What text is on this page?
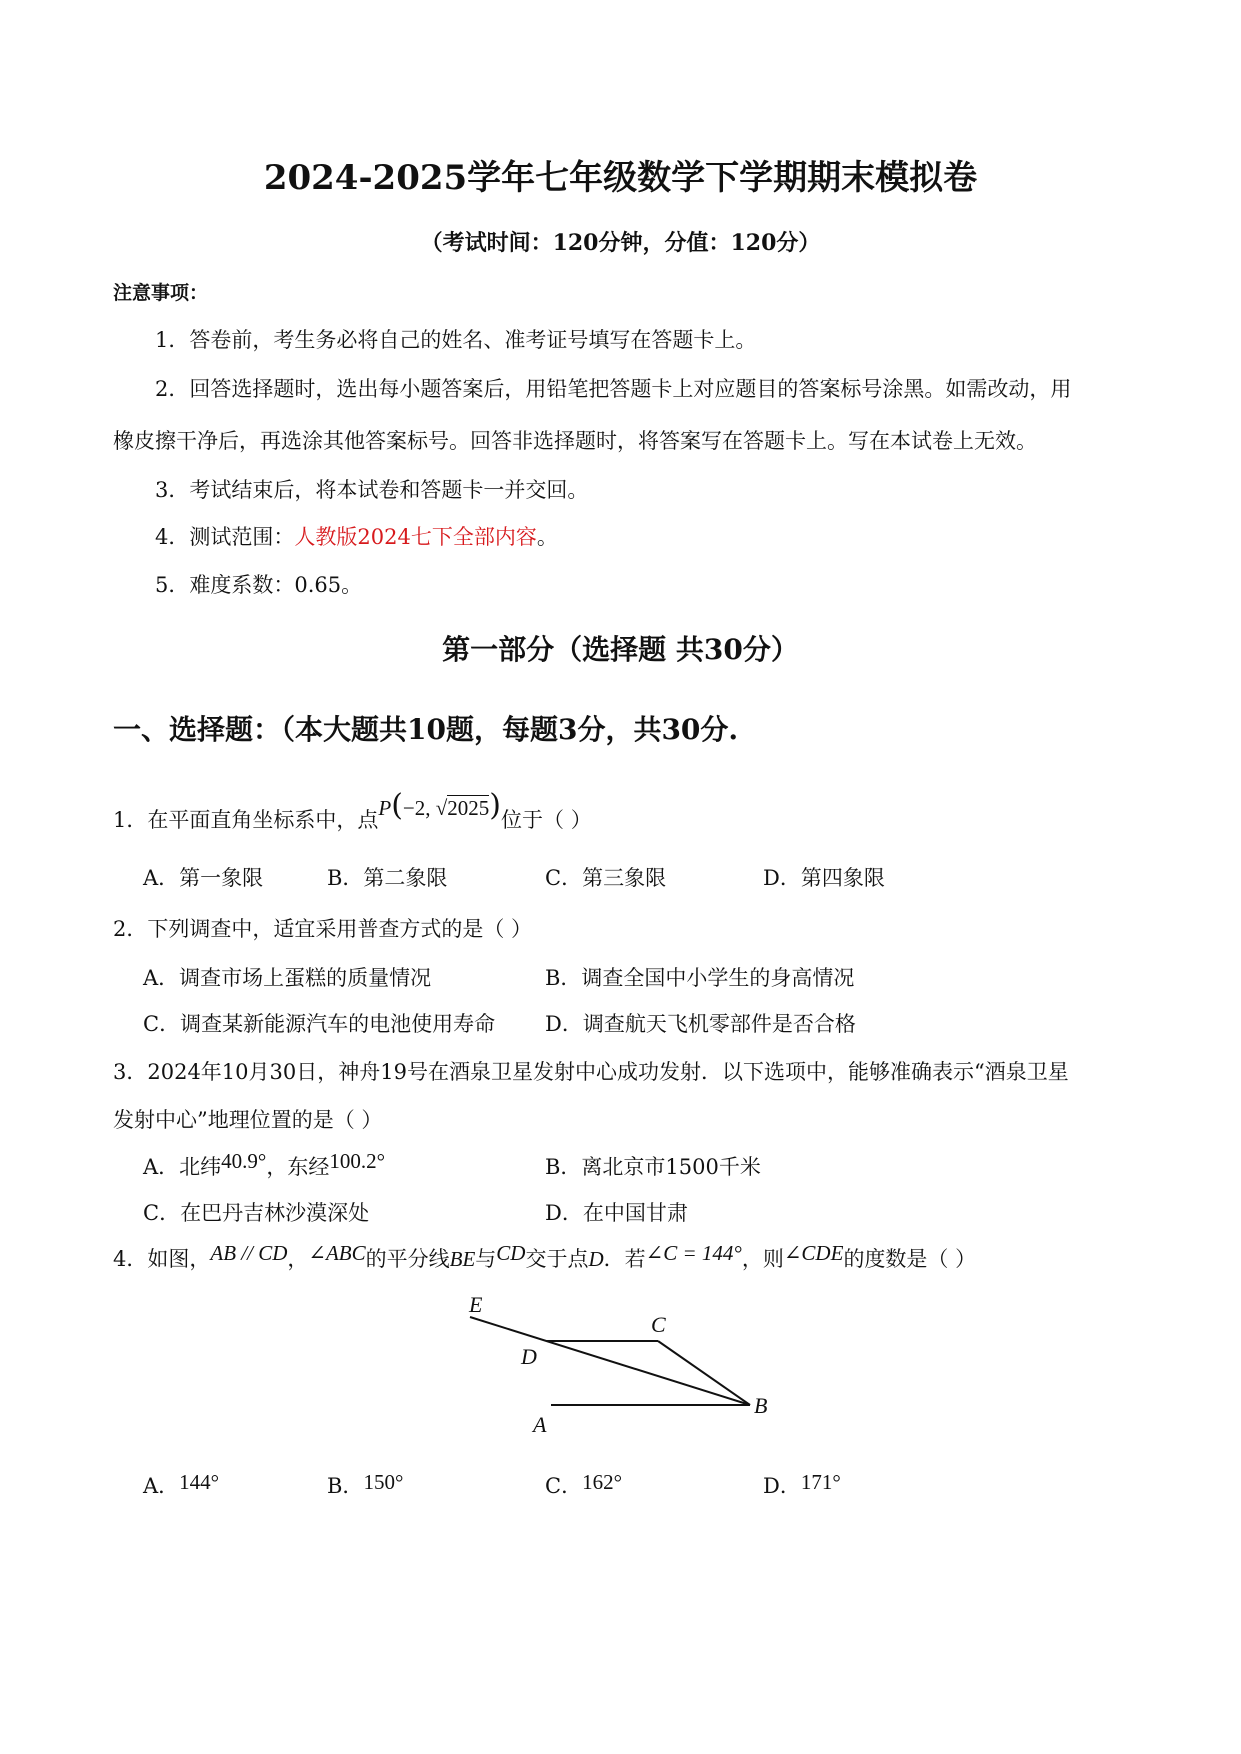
2024-2025学年七年级数学下学期期末模拟卷
（考试时间：120分钟，分值：120分）
注意事项：
1．答卷前，考生务必将自己的姓名、准考证号填写在答题卡上。
2．回答选择题时，选出每小题答案后，用铅笔把答题卡上对应题目的答案标号涂黑。如需改动，用
橡皮擦干净后，再选涂其他答案标号。回答非选择题时，将答案写在答题卡上。写在本试卷上无效。
3．考试结束后，将本试卷和答题卡一并交回。
4．测试范围：人教版2024七下全部内容。
5．难度系数：0.65。
第一部分（选择题 共30分）
一、选择题：（本大题共10题，每题3分，共30分.
1．在平面直角坐标系中，点P(−2, √2025)位于（ ）
A．第一象限	B．第二象限	C．第三象限	D．第四象限
2．下列调查中，适宜采用普查方式的是（ ）
A．调查市场上蛋糕的质量情况	B．调查全国中小学生的身高情况
C．调查某新能源汽车的电池使用寿命 D．调查航天飞机零部件是否合格
3．2024年10月30日，神舟19号在酒泉卫星发射中心成功发射．以下选项中，能够准确表示“酒泉卫星
发射中心”地理位置的是（ ）
A．北纬40.9°，东经100.2°	B．离北京市1500千米
C．在巴丹吉林沙漠深处	D．在中国甘肃
4．如图，AB // CD，∠ABC的平分线BE与CD交于点D．若∠C = 144°，则∠CDE的度数是（ ）
E
C
D
A
B
A．144°	B．150°	C．162°	D．171°
